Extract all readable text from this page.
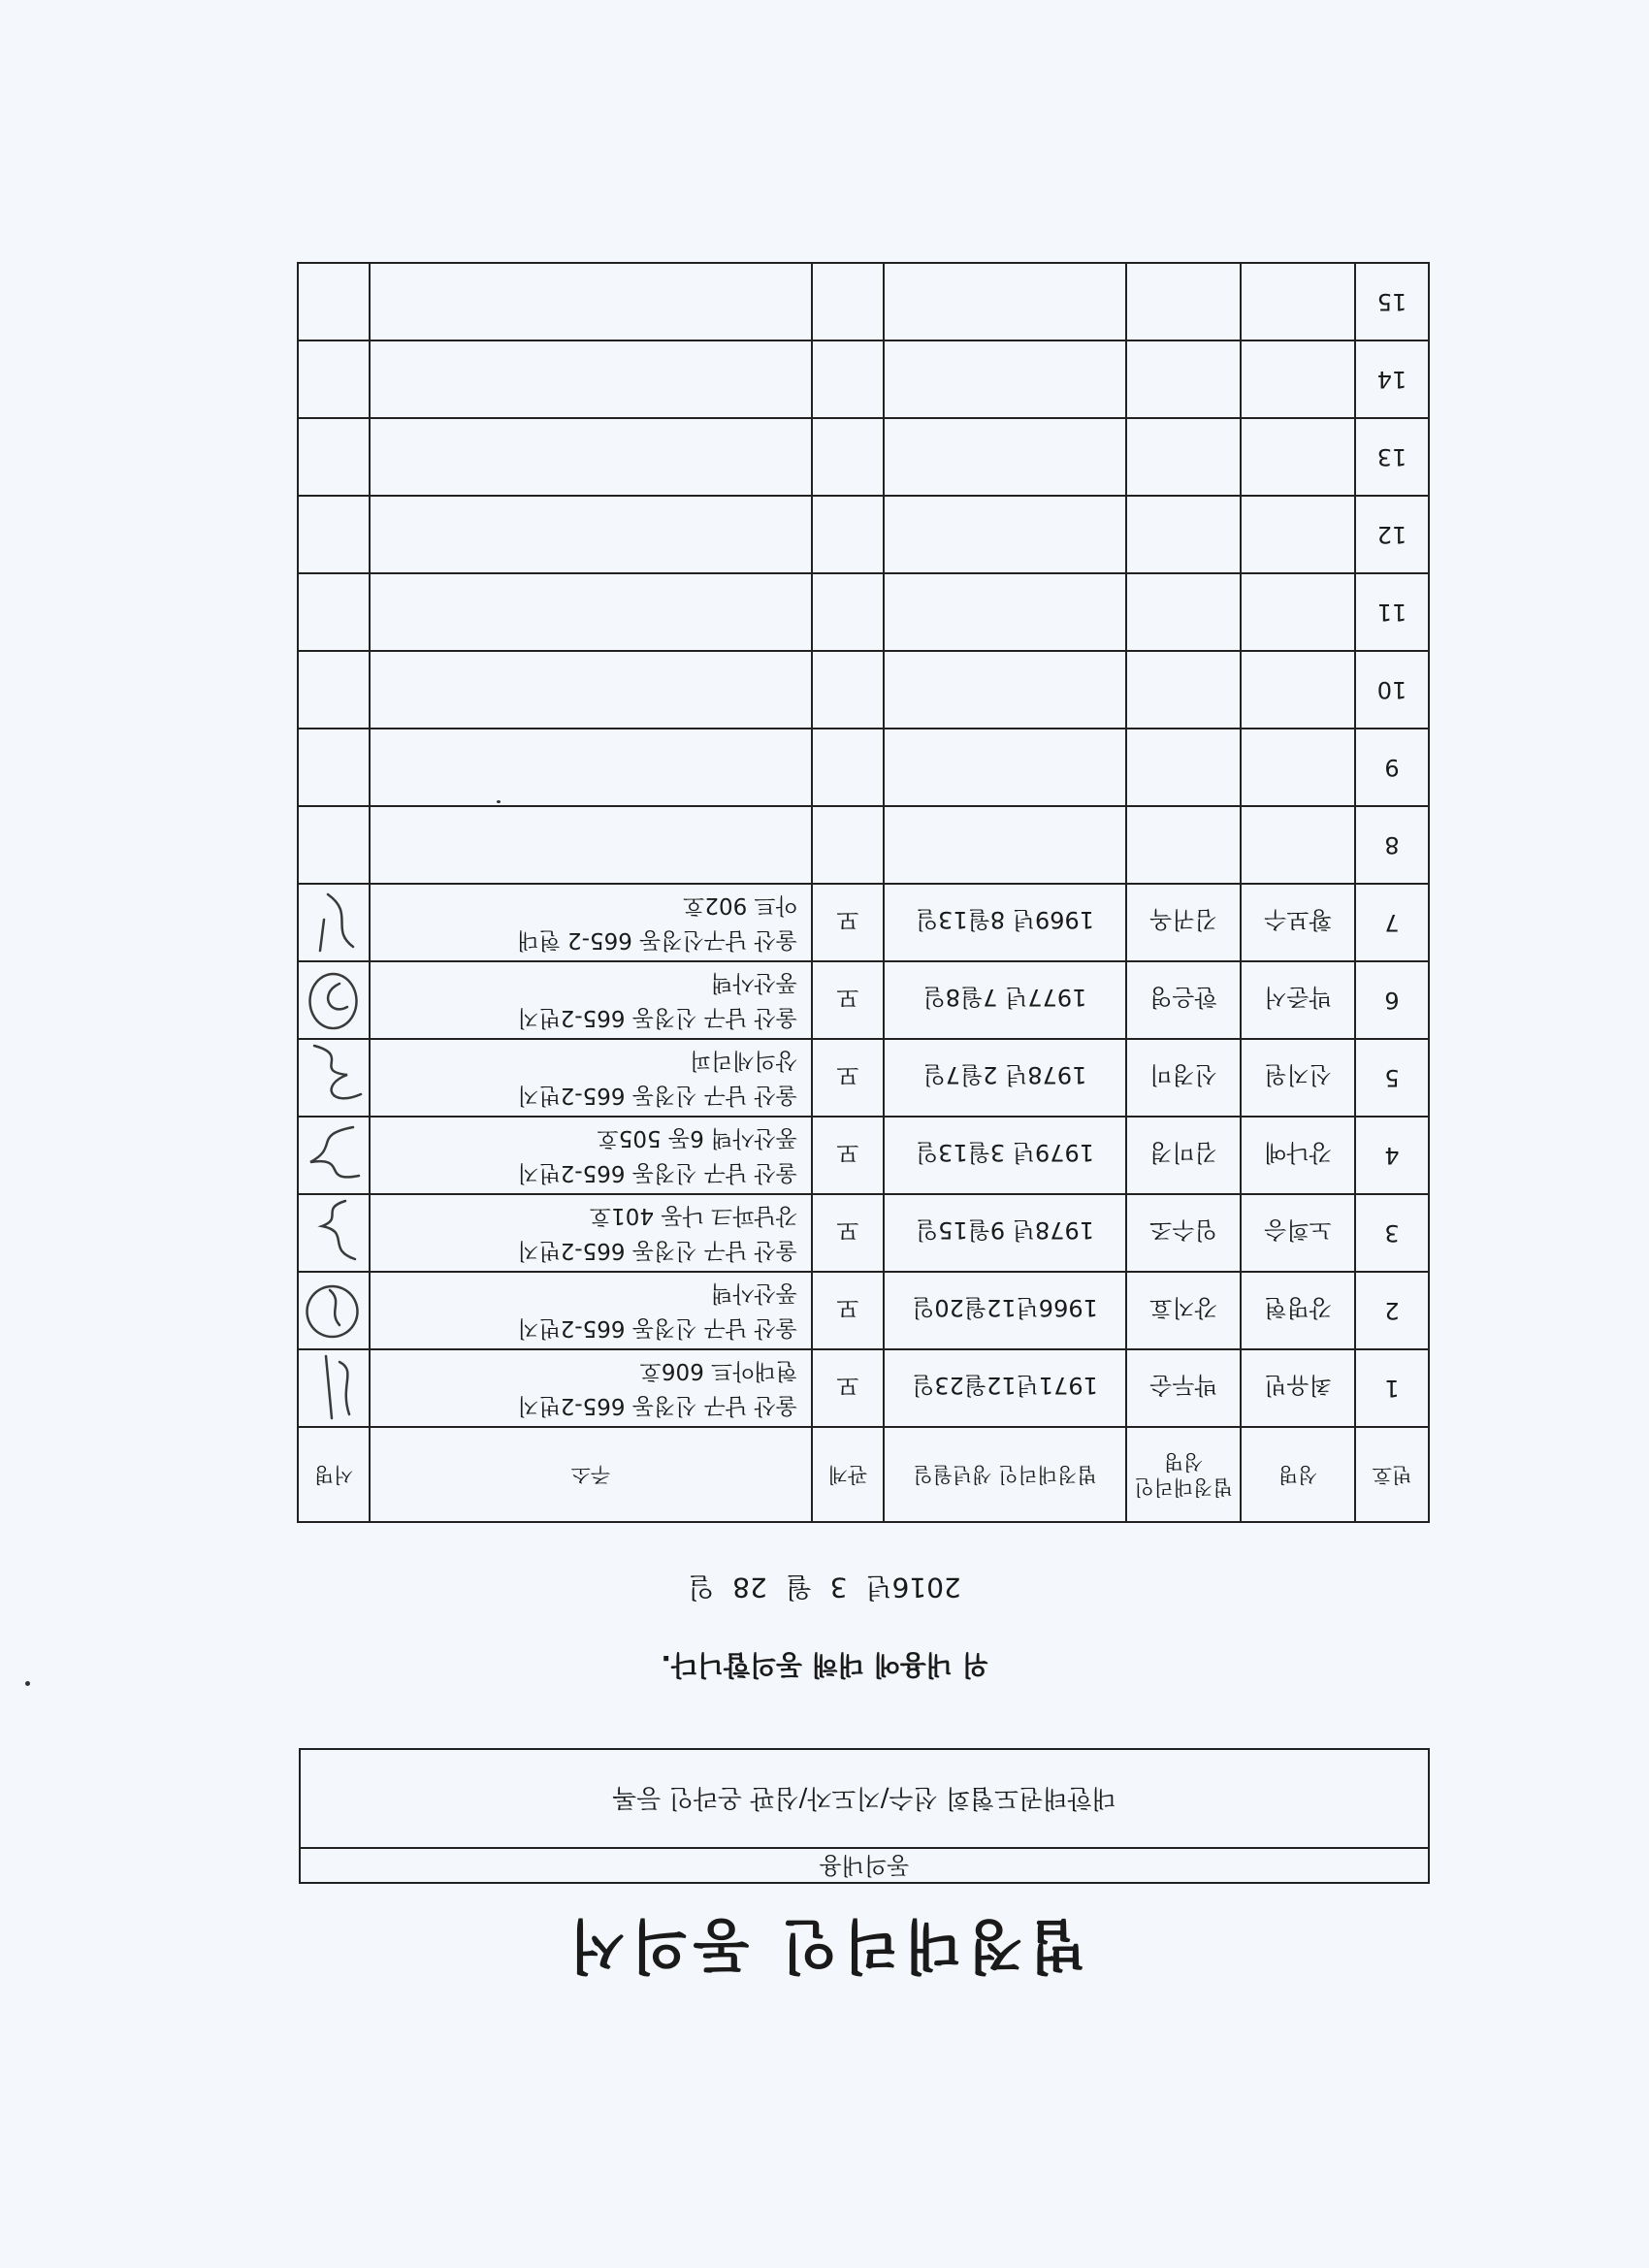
법정대리인 동의서
동의내용
대한태권도협회 선수/지도자/심판 온라인 등록
위 내용에 대해 동의합니다.
2016년 3 월 28 일
번호	성명	법정대리인 성명	법정대리인 생년월일	관계	주소	서명
1	최유빈	박두순	1971년12월23일	모	울산 남구 신정동 665-2번지
현대아트 606호

2	강명현	강지효	1966년12월20일	모	울산 남구 신정동 665-2번지
풍산사택

3	노희승	임수조	1978년 9월15일	모	울산 남구 신정동 665-2번지
강남파크 나동 401호

4	강나예	김미경	1979년 3월13일	모	울산 남구 신정동 665-2번지
풍산사택 6동 505호

5	신지원	신경미	1978년 2월7일	모	울산 남구 신정동 665-2번지
상의세리피

6	박준서	한은영	1977년 7월8일	모	울산 남구 신정동 665-2번지
풍산사택

7	황보수	김귀옥	1969년 8월13일	모	울산 남구신정동 665-2 현대
아트 902호

8					

9					

10					

11					

12					

13					

14					

15					
